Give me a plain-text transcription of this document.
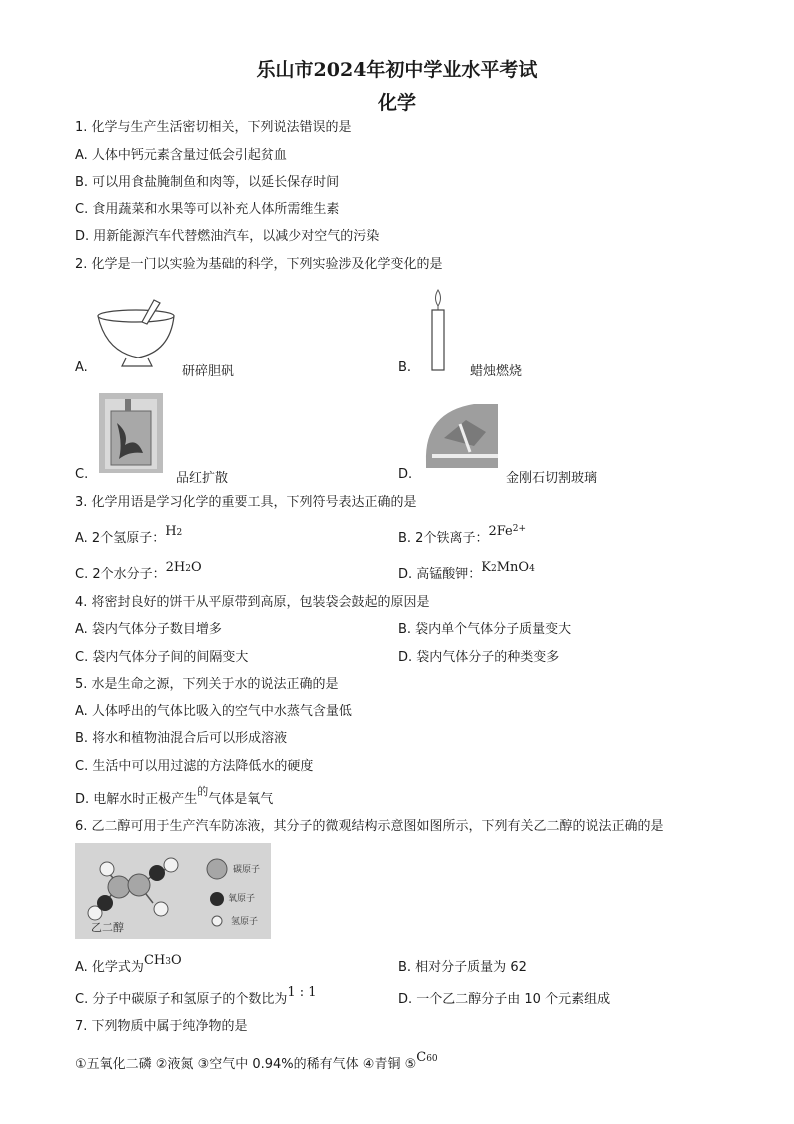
乐山市2024年初中学业水平考试
化学
1. 化学与生产生活密切相关，下列说法错误的是
A. 人体中钙元素含量过低会引起贫血
B. 可以用食盐腌制鱼和肉等，以延长保存时间
C. 食用蔬菜和水果等可以补充人体所需维生素
D. 用新能源汽车代替燃油汽车，以减少对空气的污染
2. 化学是一门以实验为基础的科学，下列实验涉及化学变化的是
A.	研碎胆矾	B.	蜡烛燃烧
C.	品红扩散	D.	金刚石切割玻璃
3. 化学用语是学习化学的重要工具，下列符号表达正确的是
A. 2个氢原子：H2	B. 2个铁离子：$2Fe^{2+}$
C. 2个水分子：2H2O	D. 高锰酸钾：K2MnO4
4. 将密封良好的饼干从平原带到高原，包装袋会鼓起的原因是
A. 袋内气体分子数目增多	B. 袋内单个气体分子质量变大
C. 袋内气体分子间的间隔变大	D. 袋内气体分子的种类变多
5. 水是生命之源，下列关于水的说法正确的是
A. 人体呼出的气体比吸入的空气中水蒸气含量低
B. 将水和植物油混合后可以形成溶液
C. 生活中可以用过滤的方法降低水的硬度
D. 电解水时正极产生$^的$气体是氧气
6. 乙二醇可用于生产汽车防冻液，其分子的微观结构示意图如图所示，下列有关乙二醇的说法正确的是
碳原子
氧原子
氢原子
乙二醇
A. 化学式为CH3O	B. 相对分子质量为 62
C. 分子中碳原子和氢原子的个数比为1 : 1	D. 一个乙二醇分子由 10 个元素组成
7. 下列物质中属于纯净物的是
①五氧化二磷 ②液氮 ③空气中 0.94%的稀有气体 ④青铜 ⑤C60
